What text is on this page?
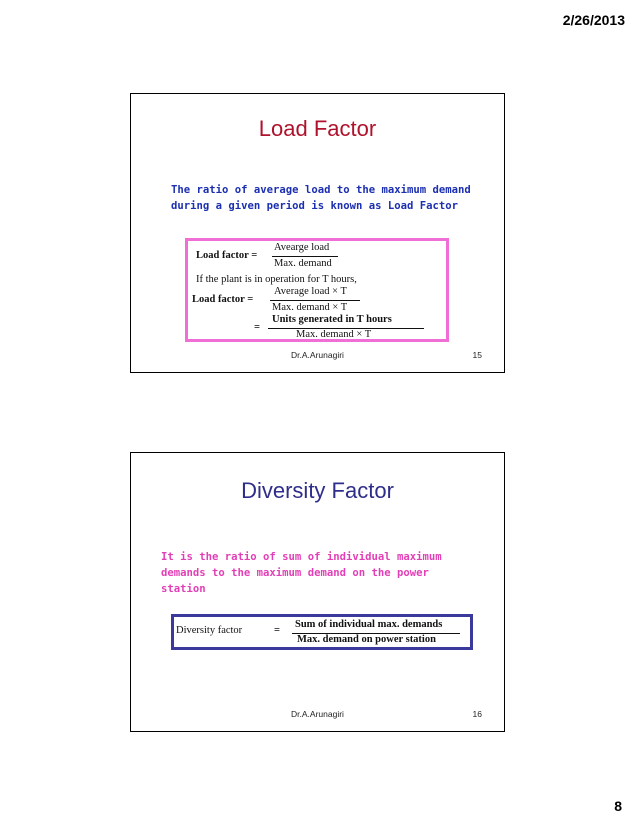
2/26/2013
Load Factor
The ratio of average load to the maximum demand during a given period is known as Load Factor
Load factor =
Avearge load
Max. demand
If the plant is in operation for T hours,
Load factor =
Average load × T
Max. demand × T
=
Units generated in T hours
Max. demand × T
Dr.A.Arunagiri	15
Diversity Factor
It is the ratio of sum of individual maximum demands to the maximum demand on the power station
Diversity factor	=
Sum of individual max. demands
Max. demand on power station
Dr.A.Arunagiri	16
8
